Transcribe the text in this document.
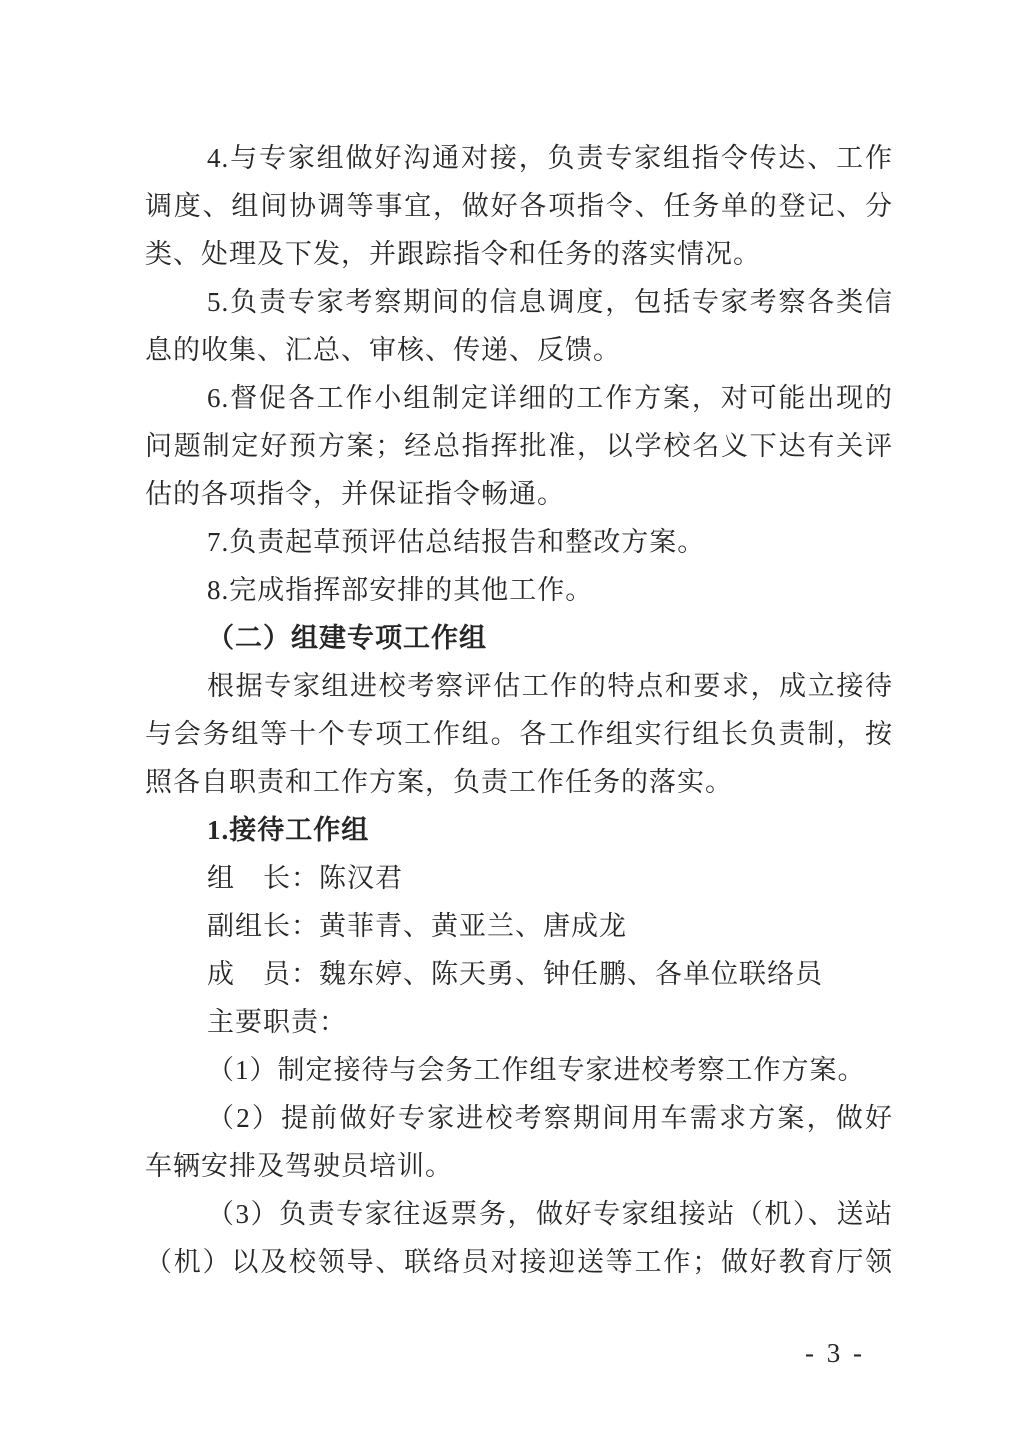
4.与专家组做好沟通对接，负责专家组指令传达、工作
调度、组间协调等事宜，做好各项指令、任务单的登记、分
类、处理及下发，并跟踪指令和任务的落实情况。
5.负责专家考察期间的信息调度，包括专家考察各类信
息的收集、汇总、审核、传递、反馈。
6.督促各工作小组制定详细的工作方案，对可能出现的
问题制定好预方案；经总指挥批准，以学校名义下达有关评
估的各项指令，并保证指令畅通。
7.负责起草预评估总结报告和整改方案。
8.完成指挥部安排的其他工作。
（二）组建专项工作组
根据专家组进校考察评估工作的特点和要求，成立接待
与会务组等十个专项工作组。各工作组实行组长负责制，按
照各自职责和工作方案，负责工作任务的落实。
1.接待工作组
组　长：陈汉君
副组长：黄菲青、黄亚兰、唐成龙
成　员：魏东婷、陈天勇、钟任鹏、各单位联络员
主要职责：
（1）制定接待与会务工作组专家进校考察工作方案。
（2）提前做好专家进校考察期间用车需求方案，做好
车辆安排及驾驶员培训。
（3）负责专家往返票务，做好专家组接站（机）、送站
（机）以及校领导、联络员对接迎送等工作；做好教育厅领
- 3 -
